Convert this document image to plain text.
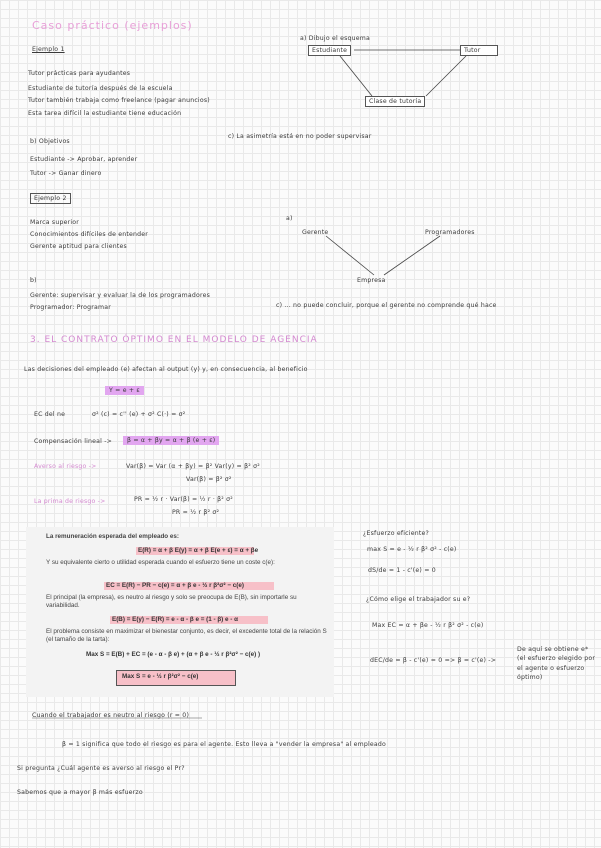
Caso práctico (ejemplos)
Ejemplo 1
Tutor prácticas para ayudantes
Estudiante de tutoría después de la escuela
Tutor también trabaja como freelance (pagar anuncios)
Esta tarea difícil la estudiante tiene educación
b) Objetivos
c) La asimetría está en no poder supervisar
Estudiante -> Aprobar, aprender
Tutor -> Ganar dinero
a) Dibujo el esquema
Estudiante	Tutor
Clase de tutoría
Ejemplo 2
Marca superior
Conocimientos difíciles de entender
Gerente aptitud para clientes
b)
Gerente: supervisar y evaluar la de los programadores
Programador: Programar	c) ... no puede concluir, porque el gerente no comprende qué hace
a)
Gerente	Programadores
Empresa
3. EL CONTRATO ÓPTIMO EN EL MODELO DE AGENCIA
Las decisiones del empleado (e) afectan al output (y) y, en consecuencia, al beneficio
Y = e + ε
EC del ne	σ² (c) = c'' (e) + σ² C(·) = σ²
Compensación lineal ->	β = α + βy = α + β (e + ε)
Averso al riesgo ->	Var(β) = Var (α + βy) = β² Var(y) = β² σ²
Var(β) = β² σ²
La prima de riesgo ->	PR = ½ r · Var(β) = ½ r · β² σ²
PR = ½ r β² σ²
La remuneración esperada del empleado es:
E(R) = α + β E(y) = α + β E(e + ε) = α + βe
Y su equivalente cierto o utilidad esperada cuando el esfuerzo tiene un coste c(e):
EC = E(R) − PR − c(e) = α + β e - ½ r β²σ² − c(e)
El principal (la empresa), es neutro al riesgo y solo se preocupa de E(B), sin importarle su variabilidad.
E(B) = E(y) − E(R) = e - α - β e = (1 - β) e - α
El problema consiste en maximizar el bienestar conjunto, es decir, el excedente total de la relación S (el tamaño de la tarta):
Max S = E(B) + EC = (e - α - β e) + (α + β e - ½ r β²σ² − c(e) )
Max S = e - ½ r β²σ² − c(e)
¿Esfuerzo eficiente?
max S = e - ½ r β² σ² - c(e)
dS/de = 1 - c'(e) = 0
¿Cómo elige el trabajador su e?
Max EC = α + βe - ½ r β² σ² - c(e)
dEC/de = β - c'(e) = 0 => β = c'(e) ->
De aquí se obtiene e* (el esfuerzo elegido por el agente o esfuerzo óptimo)
Cuando el trabajador es neutro al riesgo (r = 0)
β = 1 significa que todo el riesgo es para el agente. Esto lleva a "vender la empresa" al empleado
Si pregunta ¿Cuál agente es averso al riesgo el Pr?
Sabemos que a mayor β más esfuerzo
